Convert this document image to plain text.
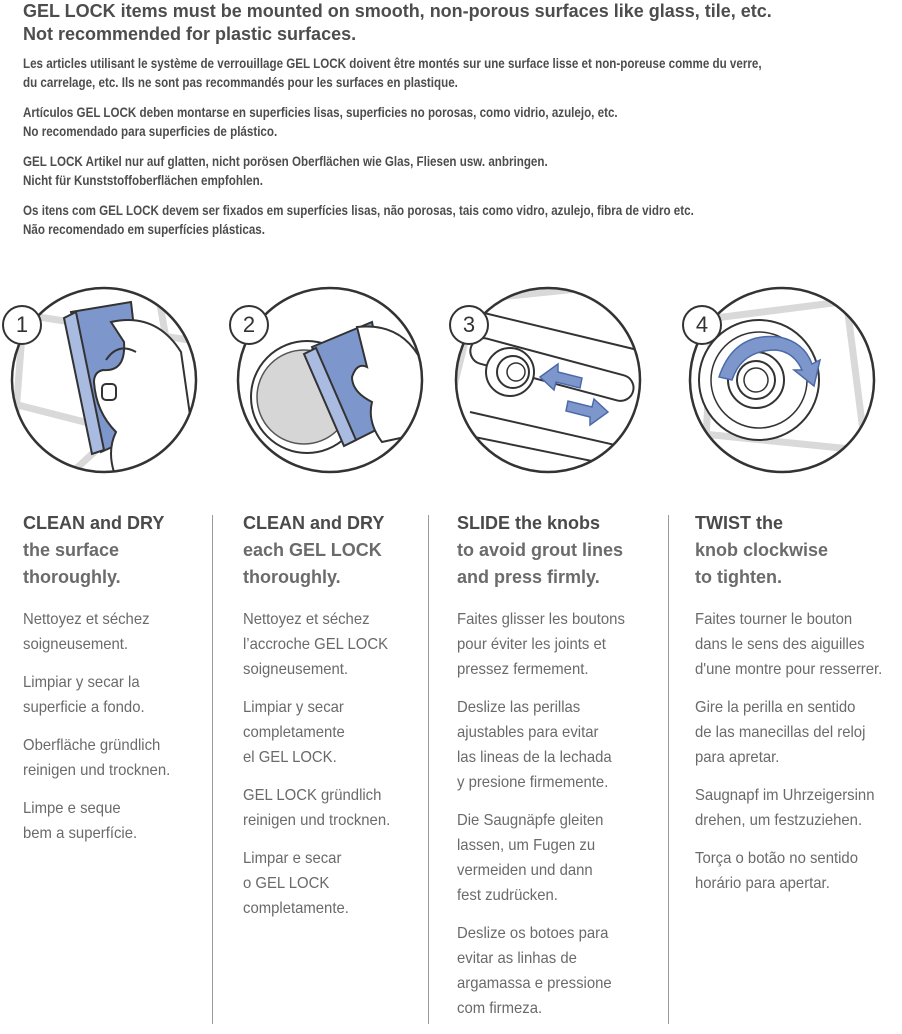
GEL LOCK items must be mounted on smooth, non-porous surfaces like glass, tile, etc.

Not recommended for plastic surfaces.

Les articles utilisant le système de verrouillage GEL LOCK doivent être montés sur une surface lisse et non-poreuse comme du verre,
du carrelage, etc. Ils ne sont pas recommandés pour les surfaces en plastique.
Artículos GEL LOCK deben montarse en superficies lisas, superficies no porosas, como vidrio, azulejo, etc.
No recomendado para superficies de plástico.
GEL LOCK Artikel nur auf glatten, nicht porösen Oberflächen wie Glas, Fliesen usw. anbringen.
Nicht für Kunststoffoberflächen empfohlen.
Os itens com GEL LOCK devem ser fixados em superfícies lisas, não porosas, tais como vidro, azulejo, fibra de vidro etc.
Não recomendado em superfícies plásticas.
1	2	3	4
CLEAN and DRY
the surface
thoroughly.
Nettoyez et séchez
soigneusement.
Limpiar y secar la
superficie a fondo.
Oberfläche gründlich
reinigen und trocknen.
Limpe e seque
bem a superfície.
CLEAN and DRY
each GEL LOCK
thoroughly.
Nettoyez et séchez
l’accroche GEL LOCK
soigneusement.
Limpiar y secar
completamente
el GEL LOCK.
GEL LOCK gründlich
reinigen und trocknen.
Limpar e secar
o GEL LOCK
completamente.
SLIDE the knobs
to avoid grout lines
and press firmly.
Faites glisser les boutons
pour éviter les joints et
pressez fermement.
Deslize las perillas
ajustables para evitar
las lineas de la lechada
y presione firmemente.
Die Saugnäpfe gleiten
lassen, um Fugen zu
vermeiden und dann
fest zudrücken.
Deslize os botoes para
evitar as linhas de
argamassa e pressione
com firmeza.
TWIST the
knob clockwise
to tighten.
Faites tourner le bouton
dans le sens des aiguilles
d'une montre pour resserrer.
Gire la perilla en sentido
de las manecillas del reloj
para apretar.
Saugnapf im Uhrzeigersinn
drehen, um festzuziehen.
Torça o botão no sentido
horário para apertar.
